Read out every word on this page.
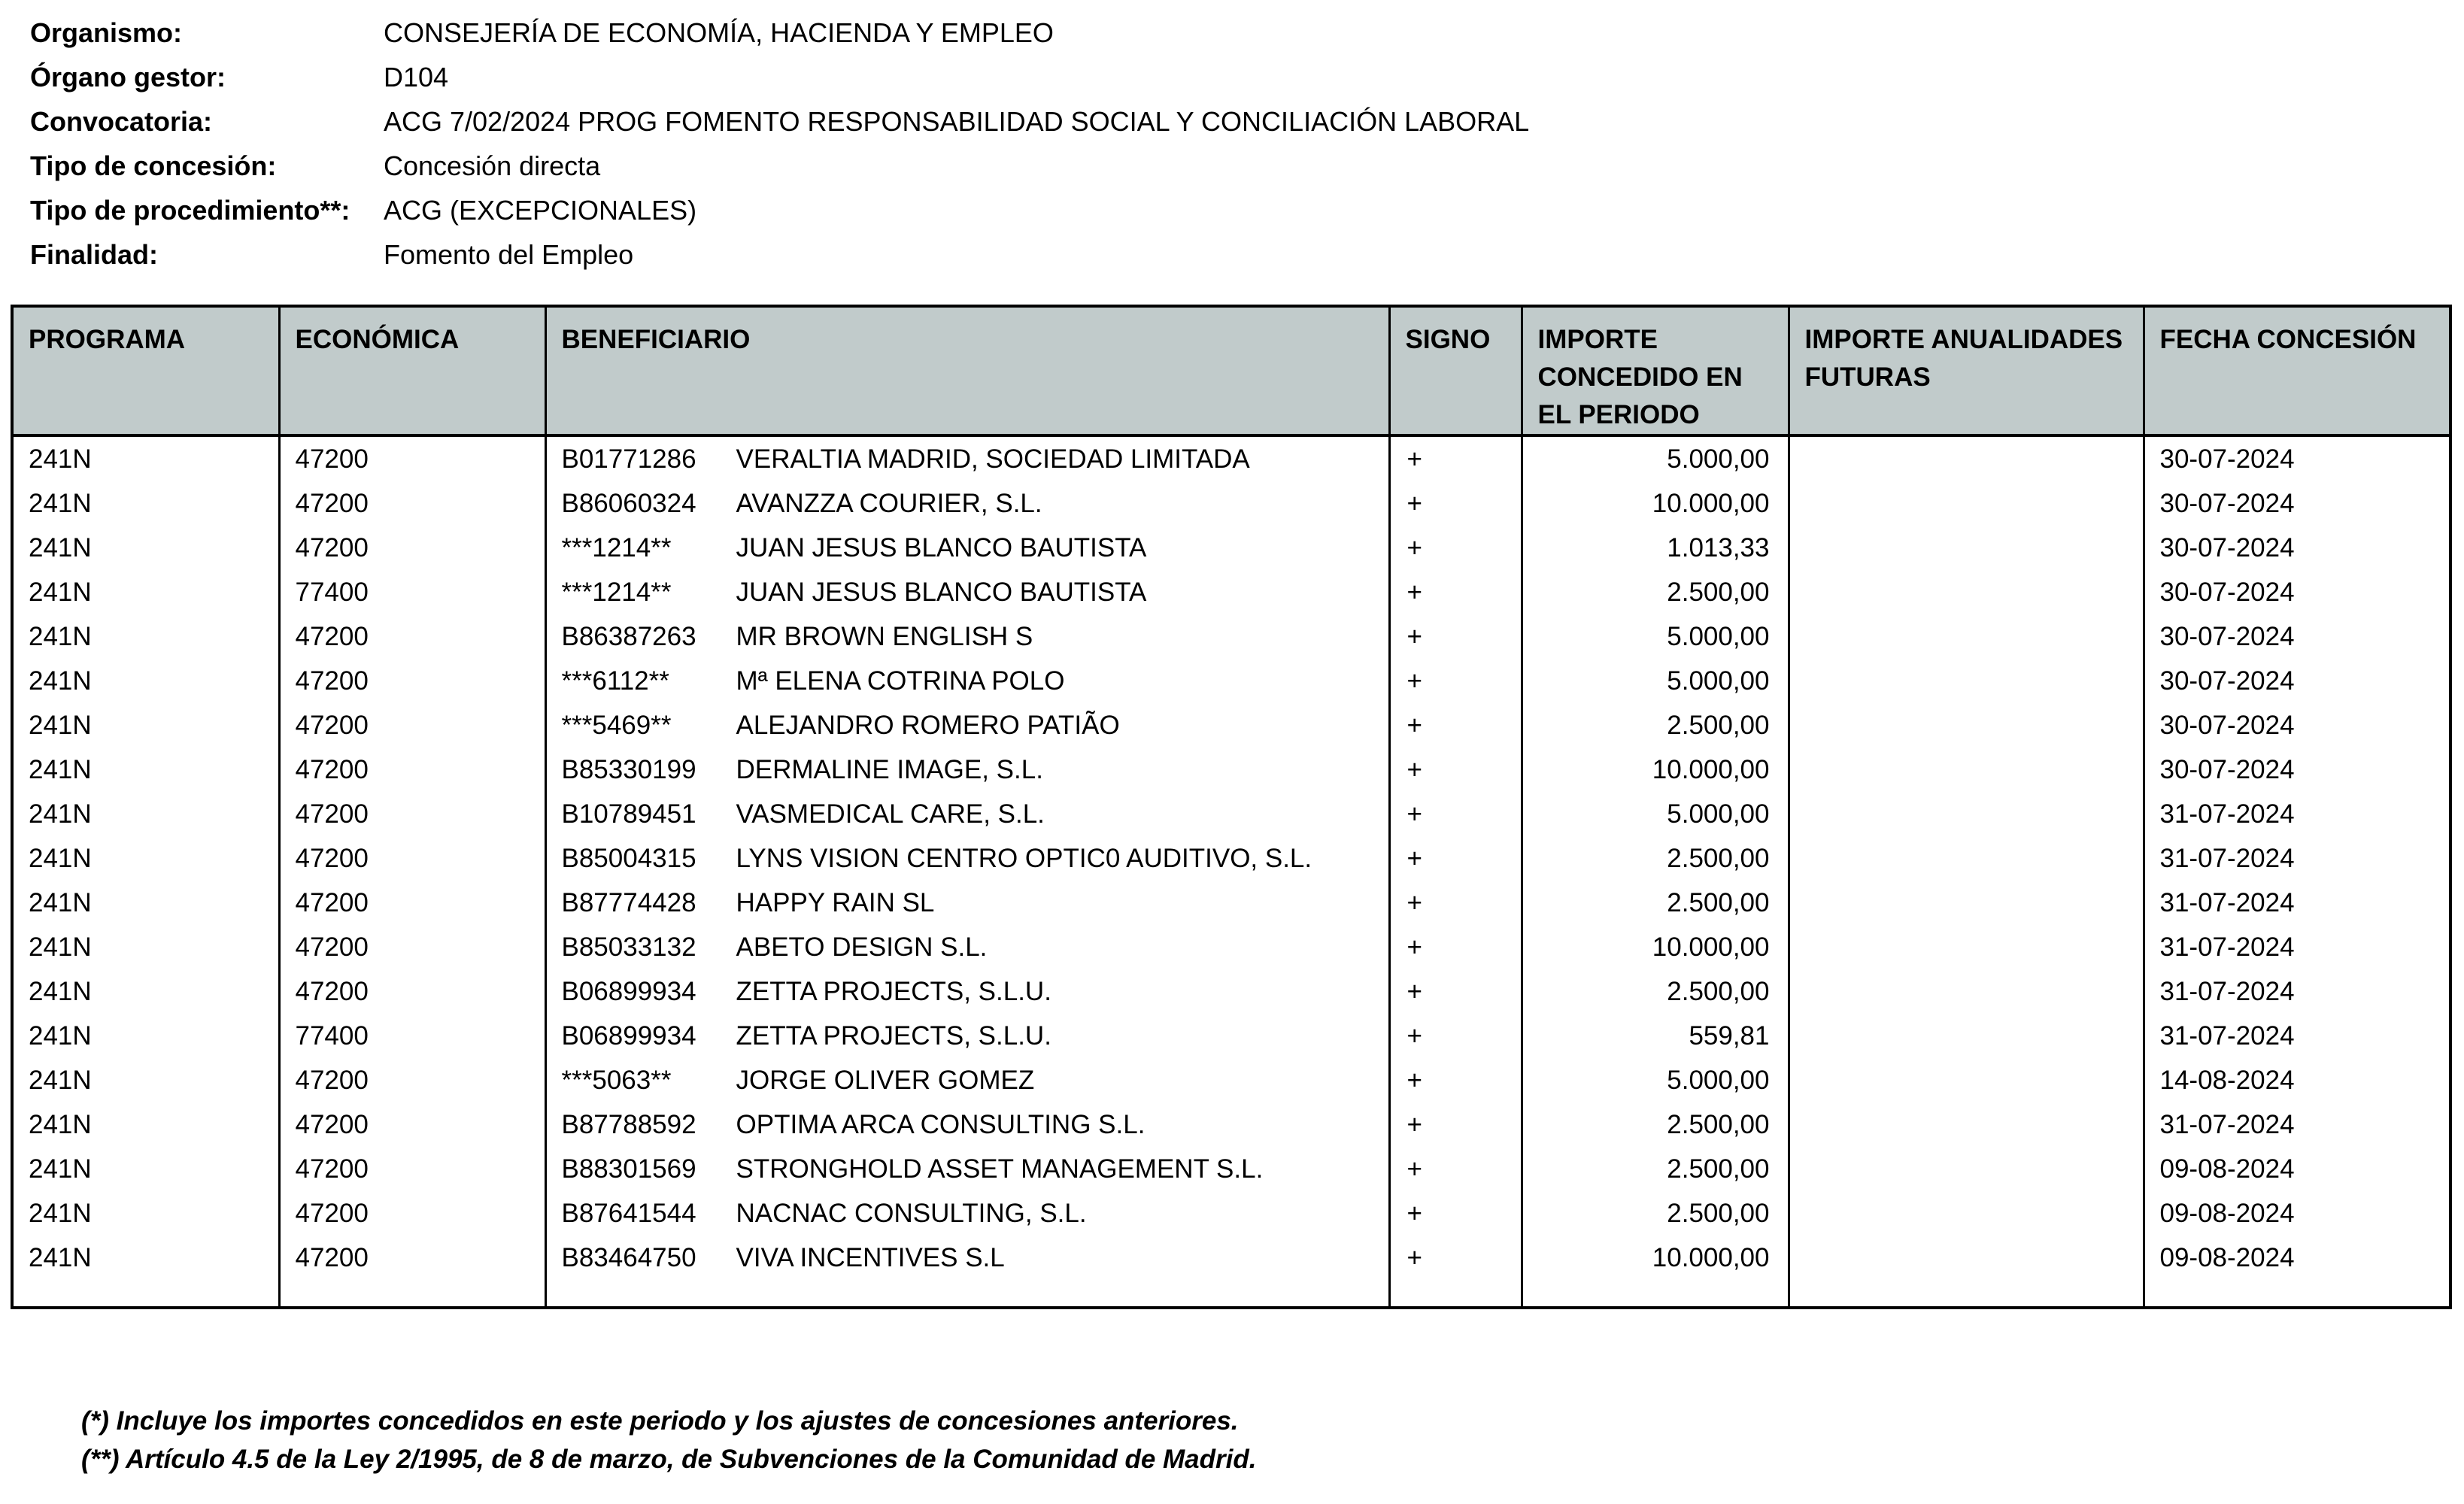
Organismo:	CONSEJERÍA DE ECONOMÍA, HACIENDA Y EMPLEO
Órgano gestor:	D104
Convocatoria:	ACG 7/02/2024 PROG FOMENTO RESPONSABILIDAD SOCIAL Y CONCILIACIÓN LABORAL
Tipo de concesión:	Concesión directa
Tipo de procedimiento**:	ACG (EXCEPCIONALES)
Finalidad:	Fomento del Empleo
PROGRAMA	ECONÓMICA	BENEFICIARIO	SIGNO	IMPORTE CONCEDIDO EN EL PERIODO	IMPORTE ANUALIDADES FUTURAS	FECHA CONCESIÓN
241N	47200	B01771286 VERALTIA MADRID, SOCIEDAD LIMITADA	+	5.000,00		30-07-2024
241N	47200	B86060324 AVANZZA COURIER, S.L.	+	10.000,00		30-07-2024
241N	47200	***1214** JUAN JESUS BLANCO BAUTISTA	+	1.013,33		30-07-2024
241N	77400	***1214** JUAN JESUS BLANCO BAUTISTA	+	2.500,00		30-07-2024
241N	47200	B86387263 MR BROWN ENGLISH S	+	5.000,00		30-07-2024
241N	47200	***6112** Mª ELENA COTRINA POLO	+	5.000,00		30-07-2024
241N	47200	***5469** ALEJANDRO ROMERO PATIÃO	+	2.500,00		30-07-2024
241N	47200	B85330199 DERMALINE IMAGE, S.L.	+	10.000,00		30-07-2024
241N	47200	B10789451 VASMEDICAL CARE, S.L.	+	5.000,00		31-07-2024
241N	47200	B85004315 LYNS VISION CENTRO OPTIC0 AUDITIVO, S.L.	+	2.500,00		31-07-2024
241N	47200	B87774428 HAPPY RAIN SL	+	2.500,00		31-07-2024
241N	47200	B85033132 ABETO DESIGN S.L.	+	10.000,00		31-07-2024
241N	47200	B06899934 ZETTA PROJECTS, S.L.U.	+	2.500,00		31-07-2024
241N	77400	B06899934 ZETTA PROJECTS, S.L.U.	+	559,81		31-07-2024
241N	47200	***5063** JORGE OLIVER GOMEZ	+	5.000,00		14-08-2024
241N	47200	B87788592 OPTIMA ARCA CONSULTING S.L.	+	2.500,00		31-07-2024
241N	47200	B88301569 STRONGHOLD ASSET MANAGEMENT S.L.	+	2.500,00		09-08-2024
241N	47200	B87641544 NACNAC CONSULTING, S.L.	+	2.500,00		09-08-2024
241N	47200	B83464750 VIVA INCENTIVES S.L	+	10.000,00		09-08-2024

(*) Incluye los importes concedidos en este periodo y los ajustes de concesiones anteriores.
(**) Artículo 4.5 de la Ley 2/1995, de 8 de marzo, de Subvenciones de la Comunidad de Madrid.
